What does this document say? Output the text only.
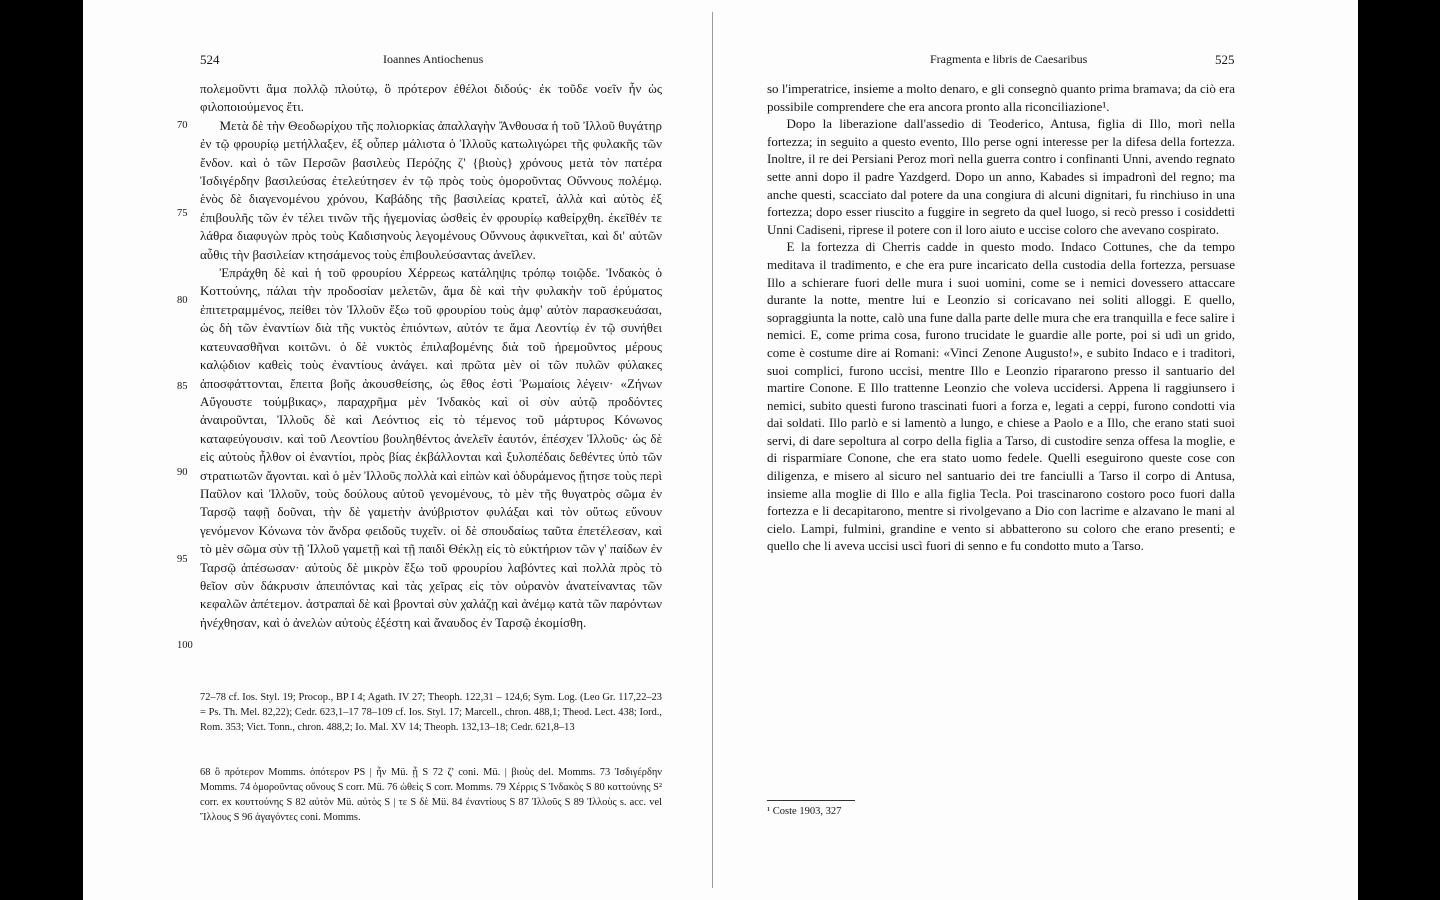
524	Ioannes Antiochenus
70
75
80
85
90
95
100

πολεμοῦντι ἅμα πολλῷ πλούτῳ, ὃ πρότερον ἐθέλοι διδούς· ἐκ τοῦδε νοεῖν ἦν ὡς φιλοποιούμενος ἔτι.

Μετὰ δὲ τὴν Θεοδωρίχου τῆς πολιορκίας ἀπαλλαγὴν Ἄνθουσα ἡ τοῦ Ἰλλοῦ θυγάτηρ ἐν τῷ φρουρίῳ μετήλλαξεν, ἐξ οὗπερ μάλιστα ὁ Ἰλλοῦς κατωλιγώρει τῆς φυλακῆς τῶν ἔνδον. καὶ ὁ τῶν Περσῶν βασιλεὺς Περόζης ζ' {βιοὺς} χρόνους μετὰ τὸν πατέρα Ἰσδιγέρδην βασιλεύσας ἐτελεύτησεν ἐν τῷ πρὸς τοὺς ὁμοροῦντας Οὔννους πολέμῳ. ἑνὸς δὲ διαγενομένου χρόνου, Καβάδης τῆς βασιλείας κρατεῖ, ἀλλὰ καὶ αὐτὸς ἐξ ἐπιβουλῆς τῶν ἐν τέλει τινῶν τῆς ἡγεμονίας ὠσθεὶς ἐν φρουρίῳ καθείρχθη. ἐκεῖθέν τε λάθρα διαφυγὼν πρὸς τοὺς Καδισηνοὺς λεγομένους Οὔννους ἀφικνεῖται, καὶ δι' αὐτῶν αὖθις τὴν βασιλείαν κτησάμενος τοὺς ἐπιβουλεύσαντας ἀνεῖλεν.

Ἐπράχθη δὲ καὶ ἡ τοῦ φρουρίου Χέρρεως κατάληψις τρόπῳ τοιῷδε. Ἰνδακὸς ὁ Κοττούνης, πάλαι τὴν προδοσίαν μελετῶν, ἅμα δὲ καὶ τὴν φυλακὴν τοῦ ἐρύματος ἐπιτετραμμένος, πείθει τὸν Ἰλλοῦν ἔξω τοῦ φρουρίου τοὺς ἀμφ' αὐτὸν παρασκευάσαι, ὡς δὴ τῶν ἐναντίων διὰ τῆς νυκτὸς ἐπιόντων, αὐτόν τε ἅμα Λεοντίῳ ἐν τῷ συνήθει κατευνασθῆναι κοιτῶνι. ὁ δὲ νυκτὸς ἐπιλαβομένης διὰ τοῦ ἠρεμοῦντος μέρους καλῴδιον καθεὶς τοὺς ἐναντίους ἀνάγει. καὶ πρῶτα μὲν οἱ τῶν πυλῶν φύλακες ἀποσφάττονται, ἔπειτα βοῆς ἀκουσθείσης, ὡς ἔθος ἐστὶ Ῥωμαίοις λέγειν· «Ζήνων Αὔγουστε τούμβικας», παραχρῆμα μὲν Ἰνδακὸς καὶ οἱ σὺν αὐτῷ προδόντες ἀναιροῦνται, Ἰλλοῦς δὲ καὶ Λεόντιος εἰς τὸ τέμενος τοῦ μάρτυρος Κόνωνος καταφεύγουσιν. καὶ τοῦ Λεοντίου βουληθέντος ἀνελεῖν ἑαυτόν, ἐπέσχεν Ἰλλοῦς· ὡς δὲ εἰς αὐτοὺς ἦλθον οἱ ἐναντίοι, πρὸς βίας ἐκβάλλονται καὶ ξυλοπέδαις δεθέντες ὑπὸ τῶν στρατιωτῶν ἄγονται. καὶ ὁ μὲν Ἰλλοῦς πολλὰ καὶ εἰπὼν καὶ ὀδυράμενος ᾔτησε τοὺς περὶ Παῦλον καὶ Ἰλλοῦν, τοὺς δούλους αὐτοῦ γενομένους, τὸ μὲν τῆς θυγατρὸς σῶμα ἐν Ταρσῷ ταφῇ δοῦναι, τὴν δὲ γαμετὴν ἀνύβριστον φυλάξαι καὶ τὸν οὕτως εὔνουν γενόμενον Κόνωνα τὸν ἄνδρα φειδοῦς τυχεῖν. οἱ δὲ σπουδαίως ταῦτα ἐπετέλεσαν, καὶ τὸ μὲν σῶμα σὺν τῇ Ἰλλοῦ γαμετῇ καὶ τῇ παιδὶ Θέκλῃ εἰς τὸ εὐκτήριον τῶν γ' παίδων ἐν Ταρσῷ ἀπέσωσαν· αὐτοὺς δὲ μικρὸν ἔξω τοῦ φρουρίου λαβόντες καὶ πολλὰ πρὸς τὸ θεῖον σὺν δάκρυσιν ἀπειπόντας καὶ τὰς χεῖρας εἰς τὸν οὐρανὸν ἀνατείναντας τῶν κεφαλῶν ἀπέτεμον. ἀστραπαὶ δὲ καὶ βρονταὶ σὺν χαλάζῃ καὶ ἀνέμῳ κατὰ τῶν παρόντων ἠνέχθησαν, καὶ ὁ ἀνελὼν αὐτοὺς ἐξέστη καὶ ἄναυδος ἐν Ταρσῷ ἐκομίσθη.

72–78 cf. Ios. Styl. 19; Procop., BP I 4; Agath. IV 27; Theoph. 122,31 – 124,6; Sym. Log. (Leo Gr. 117,22–23 = Ps. Th. Mel. 82,22); Cedr. 623,1–17 78–109 cf. Ios. Styl. 17; Marcell., chron. 488,1; Theod. Lect. 438; Iord., Rom. 353; Vict. Tonn., chron. 488,2; Io. Mal. XV 14; Theoph. 132,13–18; Cedr. 621,8–13

68 ὃ πρότερον Momms. ὁπότερον PS | ἦν Mü. ᾖ S 72 ζ' coni. Mü. | βιοὺς del. Momms. 73 Ἰσδιγέρδην Momms. 74 ὁμοροῦντας οὔνους S corr. Mü. 76 ὠθεὶς S corr. Momms. 79 Χέρρις S Ἰνδακὸς S 80 κοττούνης S² corr. ex κουττούνης S 82 αὐτὸν Mü. αὐτὸς S | τε S δὲ Mü. 84 ἐναντίους S 87 Ἰλλοῦς S 89 Ἰλλοὺς s. acc. vel Ἴλλους S 96 ἀγαγόντες coni. Momms.

Fragmenta e libris de Caesaribus	525

so l'imperatrice, insieme a molto denaro, e gli consegnò quanto prima bramava; da ciò era possibile comprendere che era ancora pronto alla riconciliazione¹.

Dopo la liberazione dall'assedio di Teoderico, Antusa, figlia di Illo, morì nella fortezza; in seguito a questo evento, Illo perse ogni interesse per la difesa della fortezza. Inoltre, il re dei Persiani Peroz morì nella guerra contro i confinanti Unni, avendo regnato sette anni dopo il padre Yazdgerd. Dopo un anno, Kabades si impadronì del regno; ma anche questi, scacciato dal potere da una congiura di alcuni dignitari, fu rinchiuso in una fortezza; dopo esser riuscito a fuggire in segreto da quel luogo, si recò presso i cosiddetti Unni Cadiseni, riprese il potere con il loro aiuto e uccise coloro che avevano cospirato.

E la fortezza di Cherris cadde in questo modo. Indaco Cottunes, che da tempo meditava il tradimento, e che era pure incaricato della custodia della fortezza, persuase Illo a schierare fuori delle mura i suoi uomini, come se i nemici dovessero attaccare durante la notte, mentre lui e Leonzio si coricavano nei soliti alloggi. E quello, sopraggiunta la notte, calò una fune dalla parte delle mura che era tranquilla e fece salire i nemici. E, come prima cosa, furono trucidate le guardie alle porte, poi si udì un grido, come è costume dire ai Romani: «Vinci Zenone Augusto!», e subito Indaco e i traditori, suoi complici, furono uccisi, mentre Illo e Leonzio ripararono presso il santuario del martire Conone. E Illo trattenne Leonzio che voleva uccidersi. Appena li raggiunsero i nemici, subito questi furono trascinati fuori a forza e, legati a ceppi, furono condotti via dai soldati. Illo parlò e si lamentò a lungo, e chiese a Paolo e a Illo, che erano stati suoi servi, di dare sepoltura al corpo della figlia a Tarso, di custodire senza offesa la moglie, e di risparmiare Conone, che era stato uomo fedele. Quelli eseguirono queste cose con diligenza, e misero al sicuro nel santuario dei tre fanciulli a Tarso il corpo di Antusa, insieme alla moglie di Illo e alla figlia Tecla. Poi trascinarono costoro poco fuori dalla fortezza e li decapitarono, mentre si rivolgevano a Dio con lacrime e alzavano le mani al cielo. Lampi, fulmini, grandine e vento si abbatterono su coloro che erano presenti; e quello che li aveva uccisi uscì fuori di senno e fu condotto muto a Tarso.

¹ Coste 1903, 327
